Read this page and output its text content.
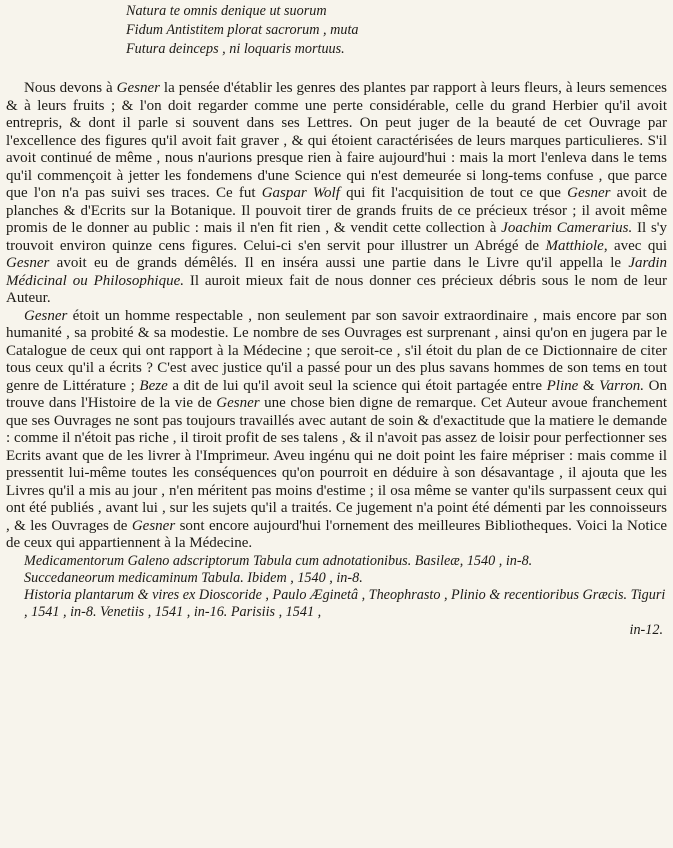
Natura te omnis denique ut suorum
Fidum Antistitem plorat sacrorum , muta
Futura deinceps , ni loquaris mortuus.

Nous devons à Gesner la pensée d'établir les genres des plantes par rapport à leurs fleurs, à leurs semences & à leurs fruits ; & l'on doit regarder comme une perte considérable, celle du grand Herbier qu'il avoit entrepris, & dont il parle si souvent dans ses Lettres. On peut juger de la beauté de cet Ouvrage par l'excellence des figures qu'il avoit fait graver , & qui étoient caractérisées de leurs marques particulieres. S'il avoit continué de même , nous n'aurions presque rien à faire aujourd'hui : mais la mort l'enleva dans le tems qu'il commençoit à jetter les fondemens d'une Science qui n'est demeurée si long-tems confuse , que parce que l'on n'a pas suivi ses traces. Ce fut Gaspar Wolf qui fit l'acquisition de tout ce que Gesner avoit de planches & d'Ecrits sur la Botanique. Il pouvoit tirer de grands fruits de ce précieux trésor ; il avoit même promis de le donner au public : mais il n'en fit rien , & vendit cette collection à Joachim Camerarius. Il s'y trouvoit environ quinze cens figures. Celui-ci s'en servit pour illustrer un Abrégé de Matthiole, avec qui Gesner avoit eu de grands démêlés. Il en inséra aussi une partie dans le Livre qu'il appella le Jardin Médicinal ou Philosophique. Il auroit mieux fait de nous donner ces précieux débris sous le nom de leur Auteur.

Gesner étoit un homme respectable , non seulement par son savoir extraordinaire , mais encore par son humanité , sa probité & sa modestie. Le nombre de ses Ouvrages est surprenant , ainsi qu'on en jugera par le Catalogue de ceux qui ont rapport à la Médecine ; que seroit-ce , s'il étoit du plan de ce Dictionnaire de citer tous ceux qu'il a écrits ? C'est avec justice qu'il a passé pour un des plus savans hommes de son tems en tout genre de Littérature ; Beze a dit de lui qu'il avoit seul la science qui étoit partagée entre Pline & Varron. On trouve dans l'Histoire de la vie de Gesner une chose bien digne de remarque. Cet Auteur avoue franchement que ses Ouvrages ne sont pas toujours travaillés avec autant de soin & d'exactitude que la matiere le demande : comme il n'étoit pas riche , il tiroit profit de ses talens , & il n'avoit pas assez de loisir pour perfectionner ses Ecrits avant que de les livrer à l'Imprimeur. Aveu ingénu qui ne doit point les faire mépriser : mais comme il pressentit lui-même toutes les conséquences qu'on pourroit en déduire à son désavantage , il ajouta que les Livres qu'il a mis au jour , n'en méritent pas moins d'estime ; il osa même se vanter qu'ils surpassent ceux qui ont été publiés , avant lui , sur les sujets qu'il a traités. Ce jugement n'a point été démenti par les connoisseurs , & les Ouvrages de Gesner sont encore aujourd'hui l'ornement des meilleures Bibliotheques. Voici la Notice de ceux qui appartiennent à la Médecine.

Medicamentorum Galeno adscriptorum Tabula cum adnotationibus. Basileæ, 1540 , in-8.

Succedaneorum medicaminum Tabula. Ibidem , 1540 , in-8.

Historia plantarum & vires ex Dioscoride , Paulo Æginetâ , Theophrasto , Plinio & recentioribus Græcis. Tiguri , 1541 , in-8. Venetiis , 1541 , in-16. Parisiis , 1541 ,

in-12.
